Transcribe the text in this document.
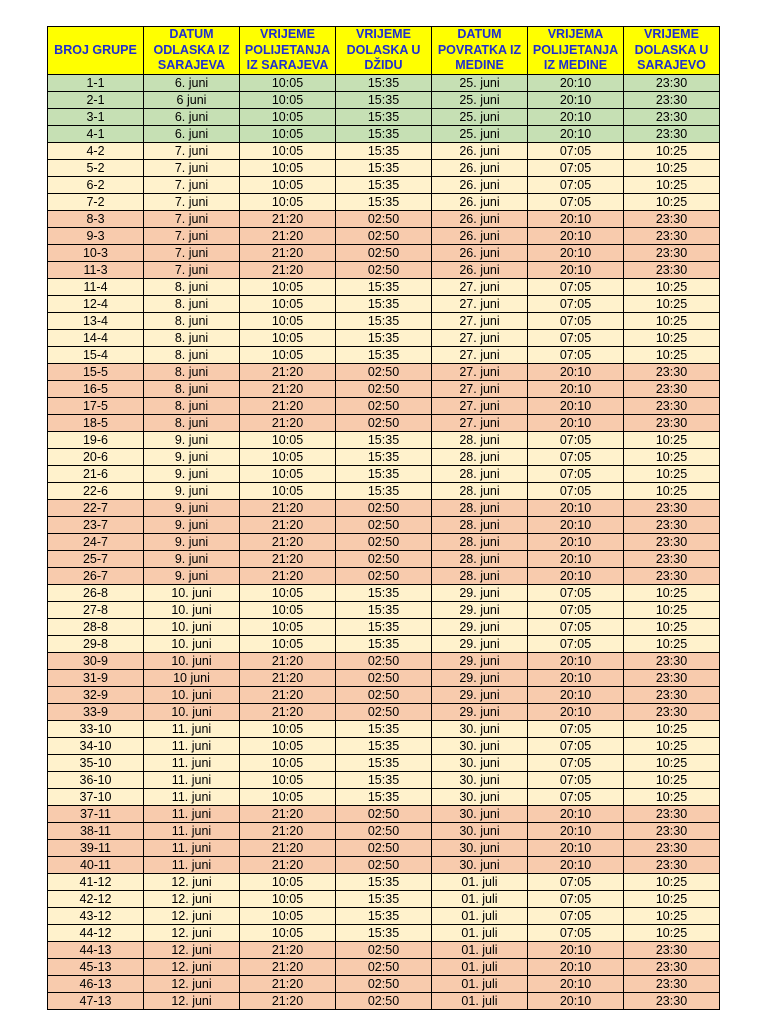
BROJ GRUPE	DATUM ODLASKA IZ SARAJEVA	VRIJEME POLIJETANJA IZ SARAJEVA	VRIJEME DOLASKA U DŽIDU	DATUM POVRATKA IZ MEDINE	VRIJEMA POLIJETANJA IZ MEDINE	VRIJEME DOLASKA U SARAJEVO
1-1	6. juni	10:05	15:35	25. juni	20:10	23:30
2-1	6 juni	10:05	15:35	25. juni	20:10	23:30
3-1	6. juni	10:05	15:35	25. juni	20:10	23:30
4-1	6. juni	10:05	15:35	25. juni	20:10	23:30
4-2	7. juni	10:05	15:35	26. juni	07:05	10:25
5-2	7. juni	10:05	15:35	26. juni	07:05	10:25
6-2	7. juni	10:05	15:35	26. juni	07:05	10:25
7-2	7. juni	10:05	15:35	26. juni	07:05	10:25
8-3	7. juni	21:20	02:50	26. juni	20:10	23:30
9-3	7. juni	21:20	02:50	26. juni	20:10	23:30
10-3	7. juni	21:20	02:50	26. juni	20:10	23:30
11-3	7. juni	21:20	02:50	26. juni	20:10	23:30
11-4	8. juni	10:05	15:35	27. juni	07:05	10:25
12-4	8. juni	10:05	15:35	27. juni	07:05	10:25
13-4	8. juni	10:05	15:35	27. juni	07:05	10:25
14-4	8. juni	10:05	15:35	27. juni	07:05	10:25
15-4	8. juni	10:05	15:35	27. juni	07:05	10:25
15-5	8. juni	21:20	02:50	27. juni	20:10	23:30
16-5	8. juni	21:20	02:50	27. juni	20:10	23:30
17-5	8. juni	21:20	02:50	27. juni	20:10	23:30
18-5	8. juni	21:20	02:50	27. juni	20:10	23:30
19-6	9. juni	10:05	15:35	28. juni	07:05	10:25
20-6	9. juni	10:05	15:35	28. juni	07:05	10:25
21-6	9. juni	10:05	15:35	28. juni	07:05	10:25
22-6	9. juni	10:05	15:35	28. juni	07:05	10:25
22-7	9. juni	21:20	02:50	28. juni	20:10	23:30
23-7	9. juni	21:20	02:50	28. juni	20:10	23:30
24-7	9. juni	21:20	02:50	28. juni	20:10	23:30
25-7	9. juni	21:20	02:50	28. juni	20:10	23:30
26-7	9. juni	21:20	02:50	28. juni	20:10	23:30
26-8	10. juni	10:05	15:35	29. juni	07:05	10:25
27-8	10. juni	10:05	15:35	29. juni	07:05	10:25
28-8	10. juni	10:05	15:35	29. juni	07:05	10:25
29-8	10. juni	10:05	15:35	29. juni	07:05	10:25
30-9	10. juni	21:20	02:50	29. juni	20:10	23:30
31-9	10 juni	21:20	02:50	29. juni	20:10	23:30
32-9	10. juni	21:20	02:50	29. juni	20:10	23:30
33-9	10. juni	21:20	02:50	29. juni	20:10	23:30
33-10	11. juni	10:05	15:35	30. juni	07:05	10:25
34-10	11. juni	10:05	15:35	30. juni	07:05	10:25
35-10	11. juni	10:05	15:35	30. juni	07:05	10:25
36-10	11. juni	10:05	15:35	30. juni	07:05	10:25
37-10	11. juni	10:05	15:35	30. juni	07:05	10:25
37-11	11. juni	21:20	02:50	30. juni	20:10	23:30
38-11	11. juni	21:20	02:50	30. juni	20:10	23:30
39-11	11. juni	21:20	02:50	30. juni	20:10	23:30
40-11	11. juni	21:20	02:50	30. juni	20:10	23:30
41-12	12. juni	10:05	15:35	01. juli	07:05	10:25
42-12	12. juni	10:05	15:35	01. juli	07:05	10:25
43-12	12. juni	10:05	15:35	01. juli	07:05	10:25
44-12	12. juni	10:05	15:35	01. juli	07:05	10:25
44-13	12. juni	21:20	02:50	01. juli	20:10	23:30
45-13	12. juni	21:20	02:50	01. juli	20:10	23:30
46-13	12. juni	21:20	02:50	01. juli	20:10	23:30
47-13	12. juni	21:20	02:50	01. juli	20:10	23:30
